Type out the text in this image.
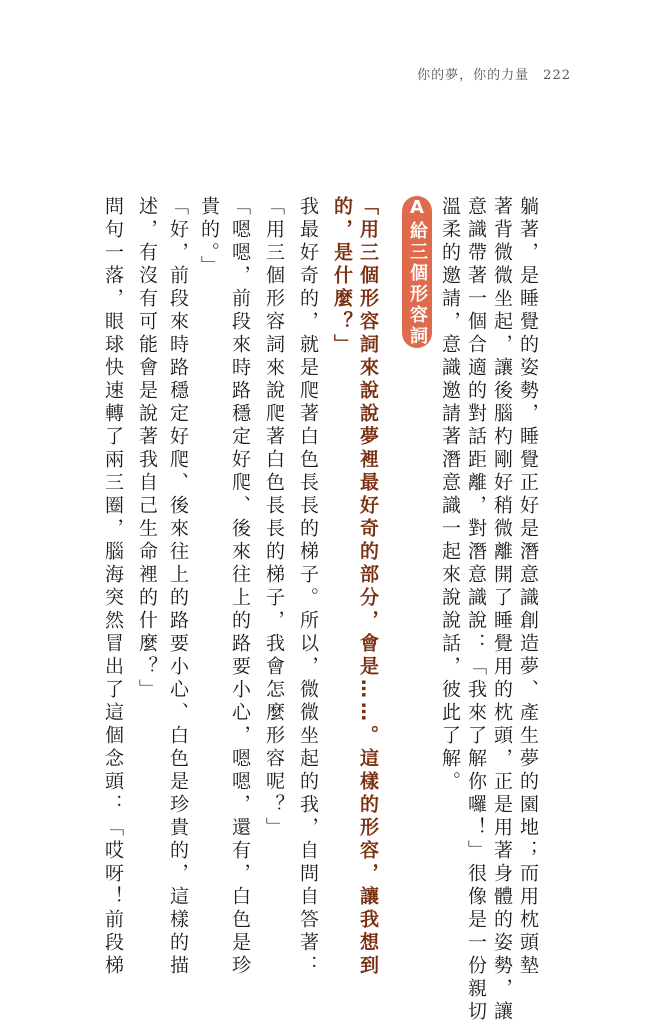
你的夢，你的力量 222
躺著，是睡覺的姿勢，睡覺正好是潛意識創造夢、產生夢的園地；而用枕頭墊
著背微微坐起，讓後腦杓剛好稍微離開了睡覺用的枕頭，正是用著身體的姿勢，讓
意識帶著一個合適的對話距離，對潛意識說：「我來了解你囉！」很像是一份親切
溫柔的邀請，意識邀請著潛意識一起來說說話，彼此了解。
A
給三個形容詞
「用三個形容詞來說說夢裡最好奇的部分，會是……。這樣的形容，讓我想到
的，是什麼？」
我最好奇的，就是爬著白色長長的梯子。所以，微微坐起的我，自問自答著：
「用三個形容詞來說爬著白色長長的梯子，我會怎麼形容呢？」
「嗯嗯，前段來時路穩定好爬、後來往上的路要小心，嗯嗯，還有，白色是珍
貴的。」
「好，前段來時路穩定好爬、後來往上的路要小心、白色是珍貴的，這樣的描
述，有沒有可能會是說著我自己生命裡的什麼？」
問句一落，眼球快速轉了兩三圈，腦海突然冒出了這個念頭：「哎呀！前段梯
